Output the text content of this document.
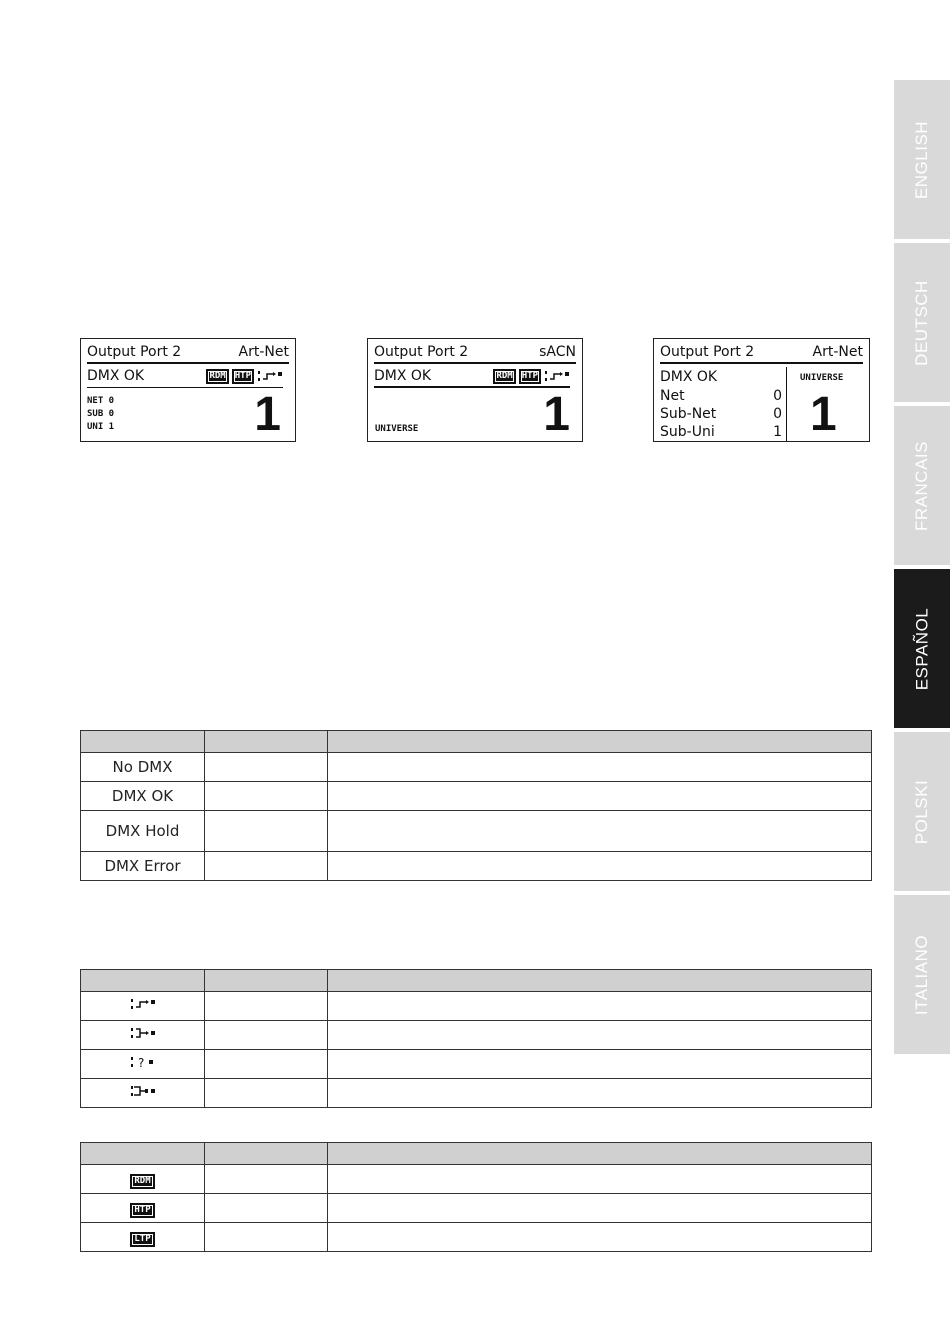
ENGLISH
DEUTSCH
FRANCAIS
ESPAÑOL
POLSKI
ITALIANO
Output Port 2	Art-Net
DMX OK	RDM	HTP
NET 0
SUB 0
UNI 1	1
Output Port 2	sACN
DMX OK	RDM	HTP
UNIVERSE	1
Output Port 2	Art-Net
DMX OK
Net	0
Sub-Net	0
Sub-Uni	1
UNIVERSE
1

No DMX		
DMX OK		
DMX Hold		
DMX Error		

?		

RDM		
HTP		
LTP		
